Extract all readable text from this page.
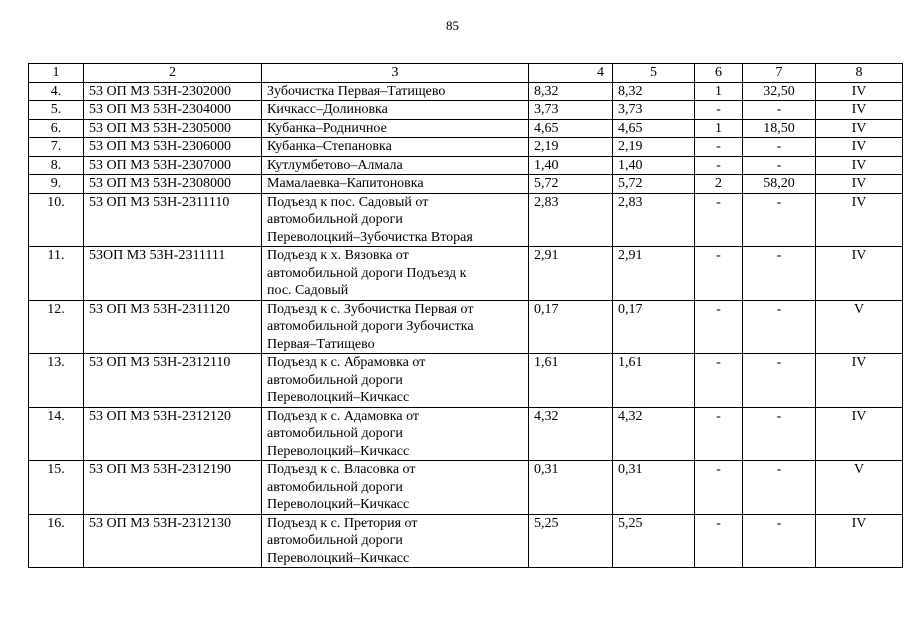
85
1	2	3	4	5	6	7	8
4.	53 ОП МЗ 53Н-2302000	Зубочистка Первая–Татищево	8,32	8,32	1	32,50	IV
5.	53 ОП МЗ 53Н-2304000	Кичкасс–Долиновка	3,73	3,73	-	-	IV
6.	53 ОП МЗ 53Н-2305000	Кубанка–Родничное	4,65	4,65	1	18,50	IV
7.	53 ОП МЗ 53Н-2306000	Кубанка–Степановка	2,19	2,19	-	-	IV
8.	53 ОП МЗ 53Н-2307000	Кутлумбетово–Алмала	1,40	1,40	-	-	IV
9.	53 ОП МЗ 53Н-2308000	Мамалаевка–Капитоновка	5,72	5,72	2	58,20	IV
10.	53 ОП МЗ 53Н-2311110	Подъезд к пос. Садовый от
автомобильной дороги
Переволоцкий–Зубочистка Вторая	2,83	2,83	-	-	IV
11.	53ОП МЗ 53Н-2311111	Подъезд к х. Вязовка от
автомобильной дороги Подъезд к
пос. Садовый	2,91	2,91	-	-	IV
12.	53 ОП МЗ 53Н-2311120	Подъезд к с. Зубочистка Первая от
автомобильной дороги Зубочистка
Первая–Татищево	0,17	0,17	-	-	V
13.	53 ОП МЗ 53Н-2312110	Подъезд к с. Абрамовка от
автомобильной дороги
Переволоцкий–Кичкасс	1,61	1,61	-	-	IV
14.	53 ОП МЗ 53Н-2312120	Подъезд к с. Адамовка от
автомобильной дороги
Переволоцкий–Кичкасс	4,32	4,32	-	-	IV
15.	53 ОП МЗ 53Н-2312190	Подъезд к с. Власовка от
автомобильной дороги
Переволоцкий–Кичкасс	0,31	0,31	-	-	V
16.	53 ОП МЗ 53Н-2312130	Подъезд к с. Претория от
автомобильной дороги
Переволоцкий–Кичкасс	5,25	5,25	-	-	IV
